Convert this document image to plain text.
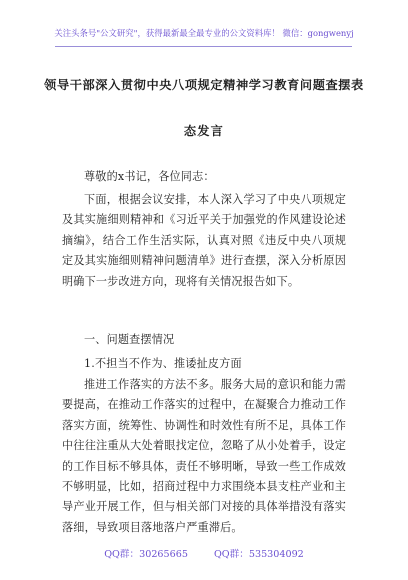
关注头条号"公文研究"，获得最新最全最专业的公文资料库！ 微信：gongwenyj
领导干部深入贯彻中央八项规定精神学习教育问题查摆表
态发言
尊敬的x书记，各位同志：
下面，根据会议安排，本人深入学习了中央八项规定
及其实施细则精神和《习近平关于加强党的作风建设论述
摘编》，结合工作生活实际，认真对照《违反中央八项规
定及其实施细则精神问题清单》进行查摆，深入分析原因
明确下一步改进方向，现将有关情况报告如下。
一、问题查摆情况
1.不担当不作为、推诿扯皮方面
推进工作落实的方法不多。服务大局的意识和能力需
要提高，在推动工作落实的过程中，在凝聚合力推动工作
落实方面，统筹性、协调性和时效性有所不足，具体工作
中往往注重从大处着眼找定位，忽略了从小处着手，设定
的工作目标不够具体，责任不够明晰，导致一些工作成效
不够明显，比如，招商过程中力求围绕本县支柱产业和主
导产业开展工作，但与相关部门对接的具体举措没有落实
落细，导致项目落地落户严重滞后。
QQ群：30265665	QQ群：535304092
